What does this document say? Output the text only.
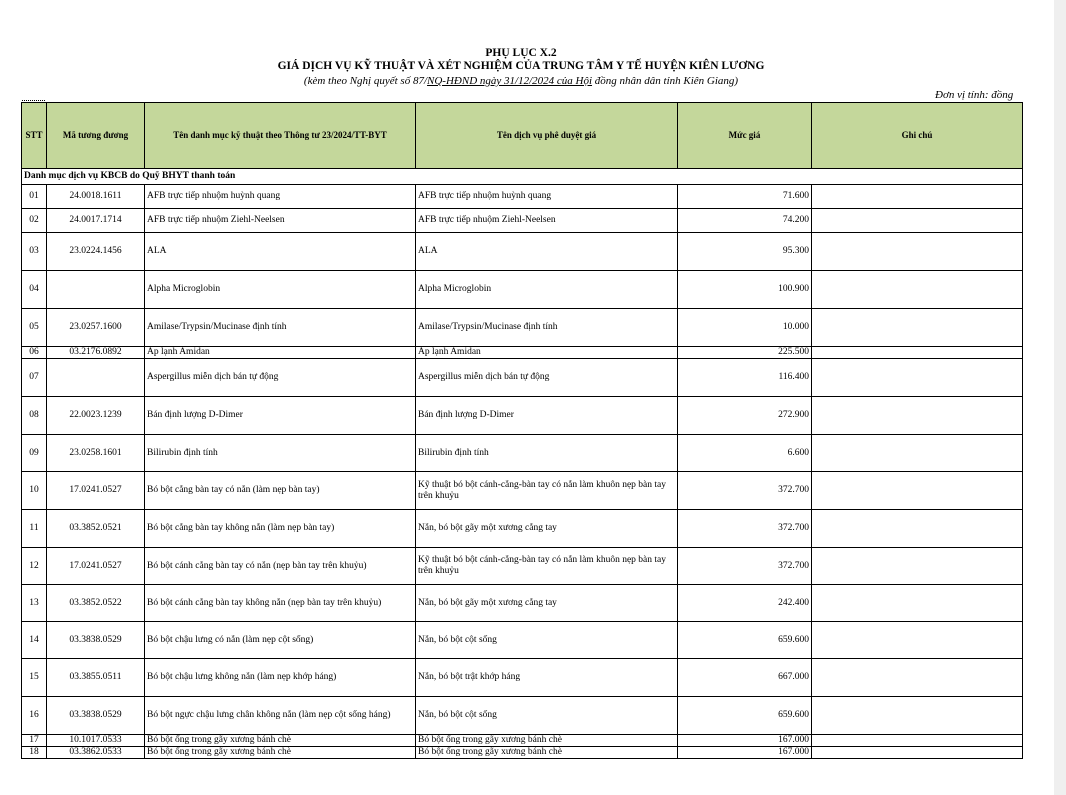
PHỤ LỤC X.2
GIÁ DỊCH VỤ KỸ THUẬT VÀ XÉT NGHIỆM CỦA TRUNG TÂM Y TẾ HUYỆN KIÊN LƯƠNG
(kèm theo Nghị quyết số 87/NQ-HĐND ngày 31/12/2024 của Hội đồng nhân dân tỉnh Kiên Giang)
Đơn vị tính: đồng
STT	Mã tương đương	Tên danh mục kỹ thuật theo Thông tư 23/2024/TT-BYT	Tên dịch vụ phê duyệt giá	Mức giá	Ghi chú
Danh mục dịch vụ KBCB do Quỹ BHYT thanh toán					
01	24.0018.1611	AFB trực tiếp nhuộm huỳnh quang	AFB trực tiếp nhuộm huỳnh quang	71.600	
02	24.0017.1714	AFB trực tiếp nhuộm Ziehl-Neelsen	AFB trực tiếp nhuộm Ziehl-Neelsen	74.200	
03	23.0224.1456	ALA	ALA	95.300	
04		Alpha Microglobin	Alpha Microglobin	100.900	
05	23.0257.1600	Amilase/Trypsin/Mucinase định tính	Amilase/Trypsin/Mucinase định tính	10.000	
06	03.2176.0892	Áp lạnh Amidan	Áp lạnh Amidan	225.500	
07		Aspergillus miễn dịch bán tự động	Aspergillus miễn dịch bán tự động	116.400	
08	22.0023.1239	Bán định lượng D-Dimer	Bán định lượng D-Dimer	272.900	
09	23.0258.1601	Bilirubin định tính	Bilirubin định tính	6.600	
10	17.0241.0527	Bó bột cẳng bàn tay có nắn (làm nẹp bàn tay)	Kỹ thuật bó bột cánh-cẳng-bàn tay có nắn làm khuôn nẹp bàn tay trên khuỷu	372.700	
11	03.3852.0521	Bó bột cẳng bàn tay không nắn (làm nẹp bàn tay)	Nắn, bó bột gãy một xương cẳng tay	372.700	
12	17.0241.0527	Bó bột cánh cẳng bàn tay có nắn (nẹp bàn tay trên khuỷu)	Kỹ thuật bó bột cánh-cẳng-bàn tay có nắn làm khuôn nẹp bàn tay trên khuỷu	372.700	
13	03.3852.0522	Bó bột cánh cẳng bàn tay không nắn (nẹp bàn tay trên khuỷu)	Nắn, bó bột gãy một xương cẳng tay	242.400	
14	03.3838.0529	Bó bột chậu lưng có nắn (làm nẹp cột sống)	Nắn, bó bột cột sống	659.600	
15	03.3855.0511	Bó bột chậu lưng không nắn (làm nẹp khớp háng)	Nắn, bó bột trật khớp háng	667.000	
16	03.3838.0529	Bó bột ngực chậu lưng chân không nắn (làm nẹp cột sống háng)	Nắn, bó bột cột sống	659.600	
17	10.1017.0533	Bó bột ống trong gãy xương bánh chè	Bó bột ống trong gãy xương bánh chè	167.000	
18	03.3862.0533	Bó bột ống trong gãy xương bánh chè	Bó bột ống trong gãy xương bánh chè	167.000	
